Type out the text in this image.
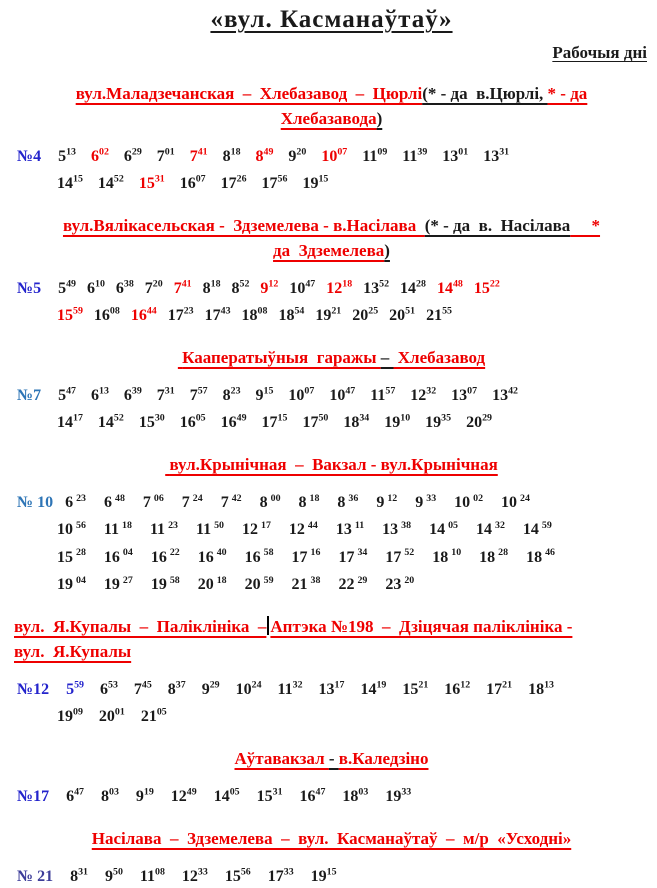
«вул. Касманаўтаў»
Рабочыя дні
вул.Маладзечанская  –  Хлебазавод  –  Цюрлі(* - да  в.Цюрлі, * - да
Хлебазавода)
№4 $5^{13}$ $6^{02}$ $6^{29}$ $7^{01}$ $7^{41}$ $8^{18}$ $8^{49}$ $9^{20}$ $10^{07}$ $11^{09}$ $11^{39}$ $13^{01}$ $13^{31}$
$14^{15}$ $14^{52}$ $15^{31}$ $16^{07}$ $17^{26}$ $17^{56}$ $19^{15}$
вул.Вялікасельская -  Здземелева - в.Насілава  (* - да  в.  Насілава     *
да  Здземелева)
№5 $5^{49}$ $6^{10}$ $6^{38}$ $7^{20}$ $7^{41}$ $8^{18}$ $8^{52}$ $9^{12}$ $10^{47}$ $12^{18}$ $13^{52}$ $14^{28}$ $14^{48}$ $15^{22}$
$15^{59}$ $16^{08}$ $16^{44}$ $17^{23}$ $17^{43}$ $18^{08}$ $18^{54}$ $19^{21}$ $20^{25}$ $20^{51}$ $21^{55}$
Кааператыўныя  гаражы –  Хлебазавод
№7 $5^{47}$ $6^{13}$ $6^{39}$ $7^{31}$ $7^{57}$ $8^{23}$ $9^{15}$ $10^{07}$ $10^{47}$ $11^{57}$ $12^{32}$ $13^{07}$ $13^{42}$
$14^{17}$ $14^{52}$ $15^{30}$ $16^{05}$ $16^{49}$ $17^{15}$ $17^{50}$ $18^{34}$ $19^{10}$ $19^{35}$ $20^{29}$
вул.Крынічная  –  Вакзал - вул.Крынічная
№ 10 6 $^{23}$ 6 $^{48}$ 7 $^{06}$ 7 $^{24}$ 7 $^{42}$ 8 $^{00}$ 8 $^{18}$ 8 $^{36}$ 9 $^{12}$ 9 $^{33}$ 10 $^{02}$ 10 $^{24}$
10 $^{56}$ 11 $^{18}$ 11 $^{23}$ 11 $^{50}$ 12 $^{17}$ 12 $^{44}$ 13 $^{11}$ 13 $^{38}$ 14 $^{05}$ 14 $^{32}$ 14 $^{59}$
15 $^{28}$ 16 $^{04}$ 16 $^{22}$ 16 $^{40}$ 16 $^{58}$ 17 $^{16}$ 17 $^{34}$ 17 $^{52}$ 18 $^{10}$ 18 $^{28}$ 18 $^{46}$
19 $^{04}$ 19 $^{27}$ 19 $^{58}$ 20 $^{18}$ 20 $^{59}$ 21 $^{38}$ 22 $^{29}$ 23 $^{20}$
вул.  Я.Купалы  –  Паліклініка  – Аптэка №198  –  Дзіцячая паліклініка -
вул.  Я.Купалы
№12 $5^{59}$ $6^{53}$ $7^{45}$ $8^{37}$ $9^{29}$ $10^{24}$ $11^{32}$ $13^{17}$ $14^{19}$ $15^{21}$ $16^{12}$ $17^{21}$ $18^{13}$
$19^{09}$ $20^{01}$ $21^{05}$
Аўтавакзал - в.Каледзіно
№17 $6^{47}$ $8^{03}$ $9^{19}$ $12^{49}$ $14^{05}$ $15^{31}$ $16^{47}$ $18^{03}$ $19^{33}$
Насілава  –  Здземелева  –  вул.  Касманаўтаў  –  м/р  «Усходні»
№ 21 $8^{31}$ $9^{50}$ $11^{08}$ $12^{33}$ $15^{56}$ $17^{33}$ $19^{15}$
